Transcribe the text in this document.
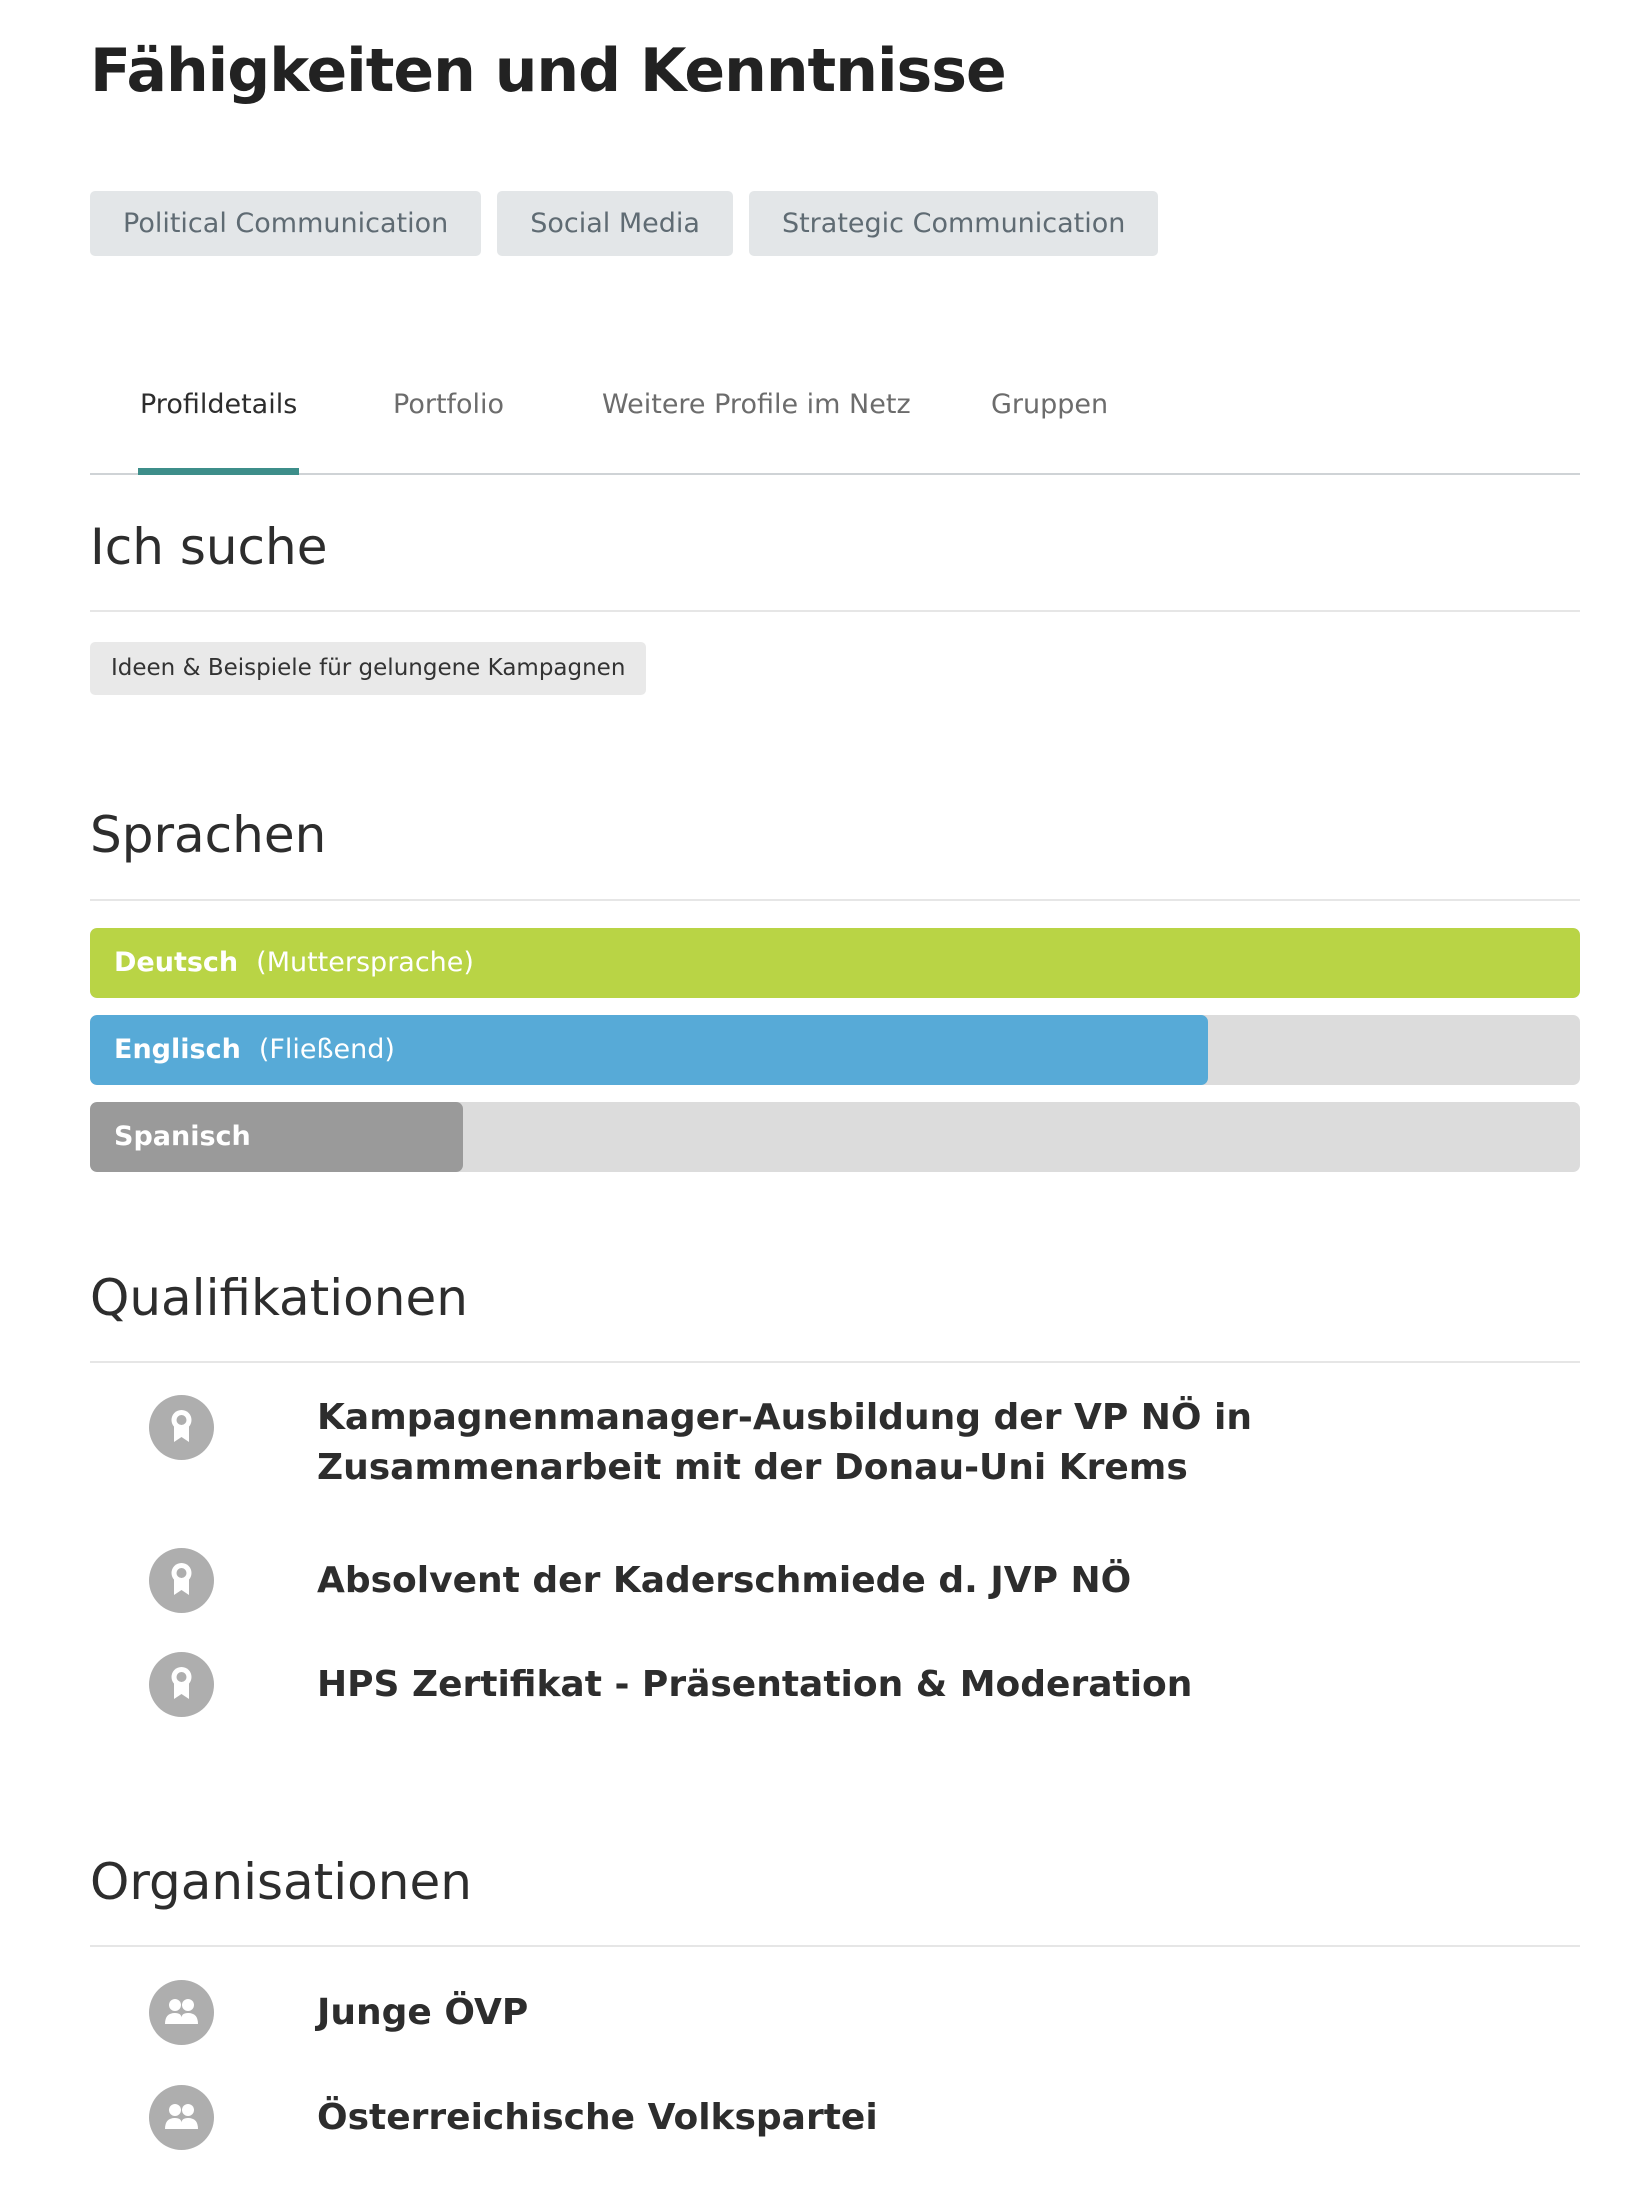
Fähigkeiten und Kenntnisse
Political Communication	Social Media	Strategic Communication
Profildetails	Portfolio	Weitere Profile im Netz	Gruppen
Ich suche
Ideen & Beispiele für gelungene Kampagnen
Sprachen
Deutsch (Muttersprache)
Englisch (Fließend)
Spanisch
Qualifikationen
Kampagnenmanager-Ausbildung der VP NÖ in Zusammenarbeit mit der Donau-Uni Krems
Absolvent der Kaderschmiede d. JVP NÖ
HPS Zertifikat - Präsentation & Moderation
Organisationen
Junge ÖVP
Österreichische Volkspartei
